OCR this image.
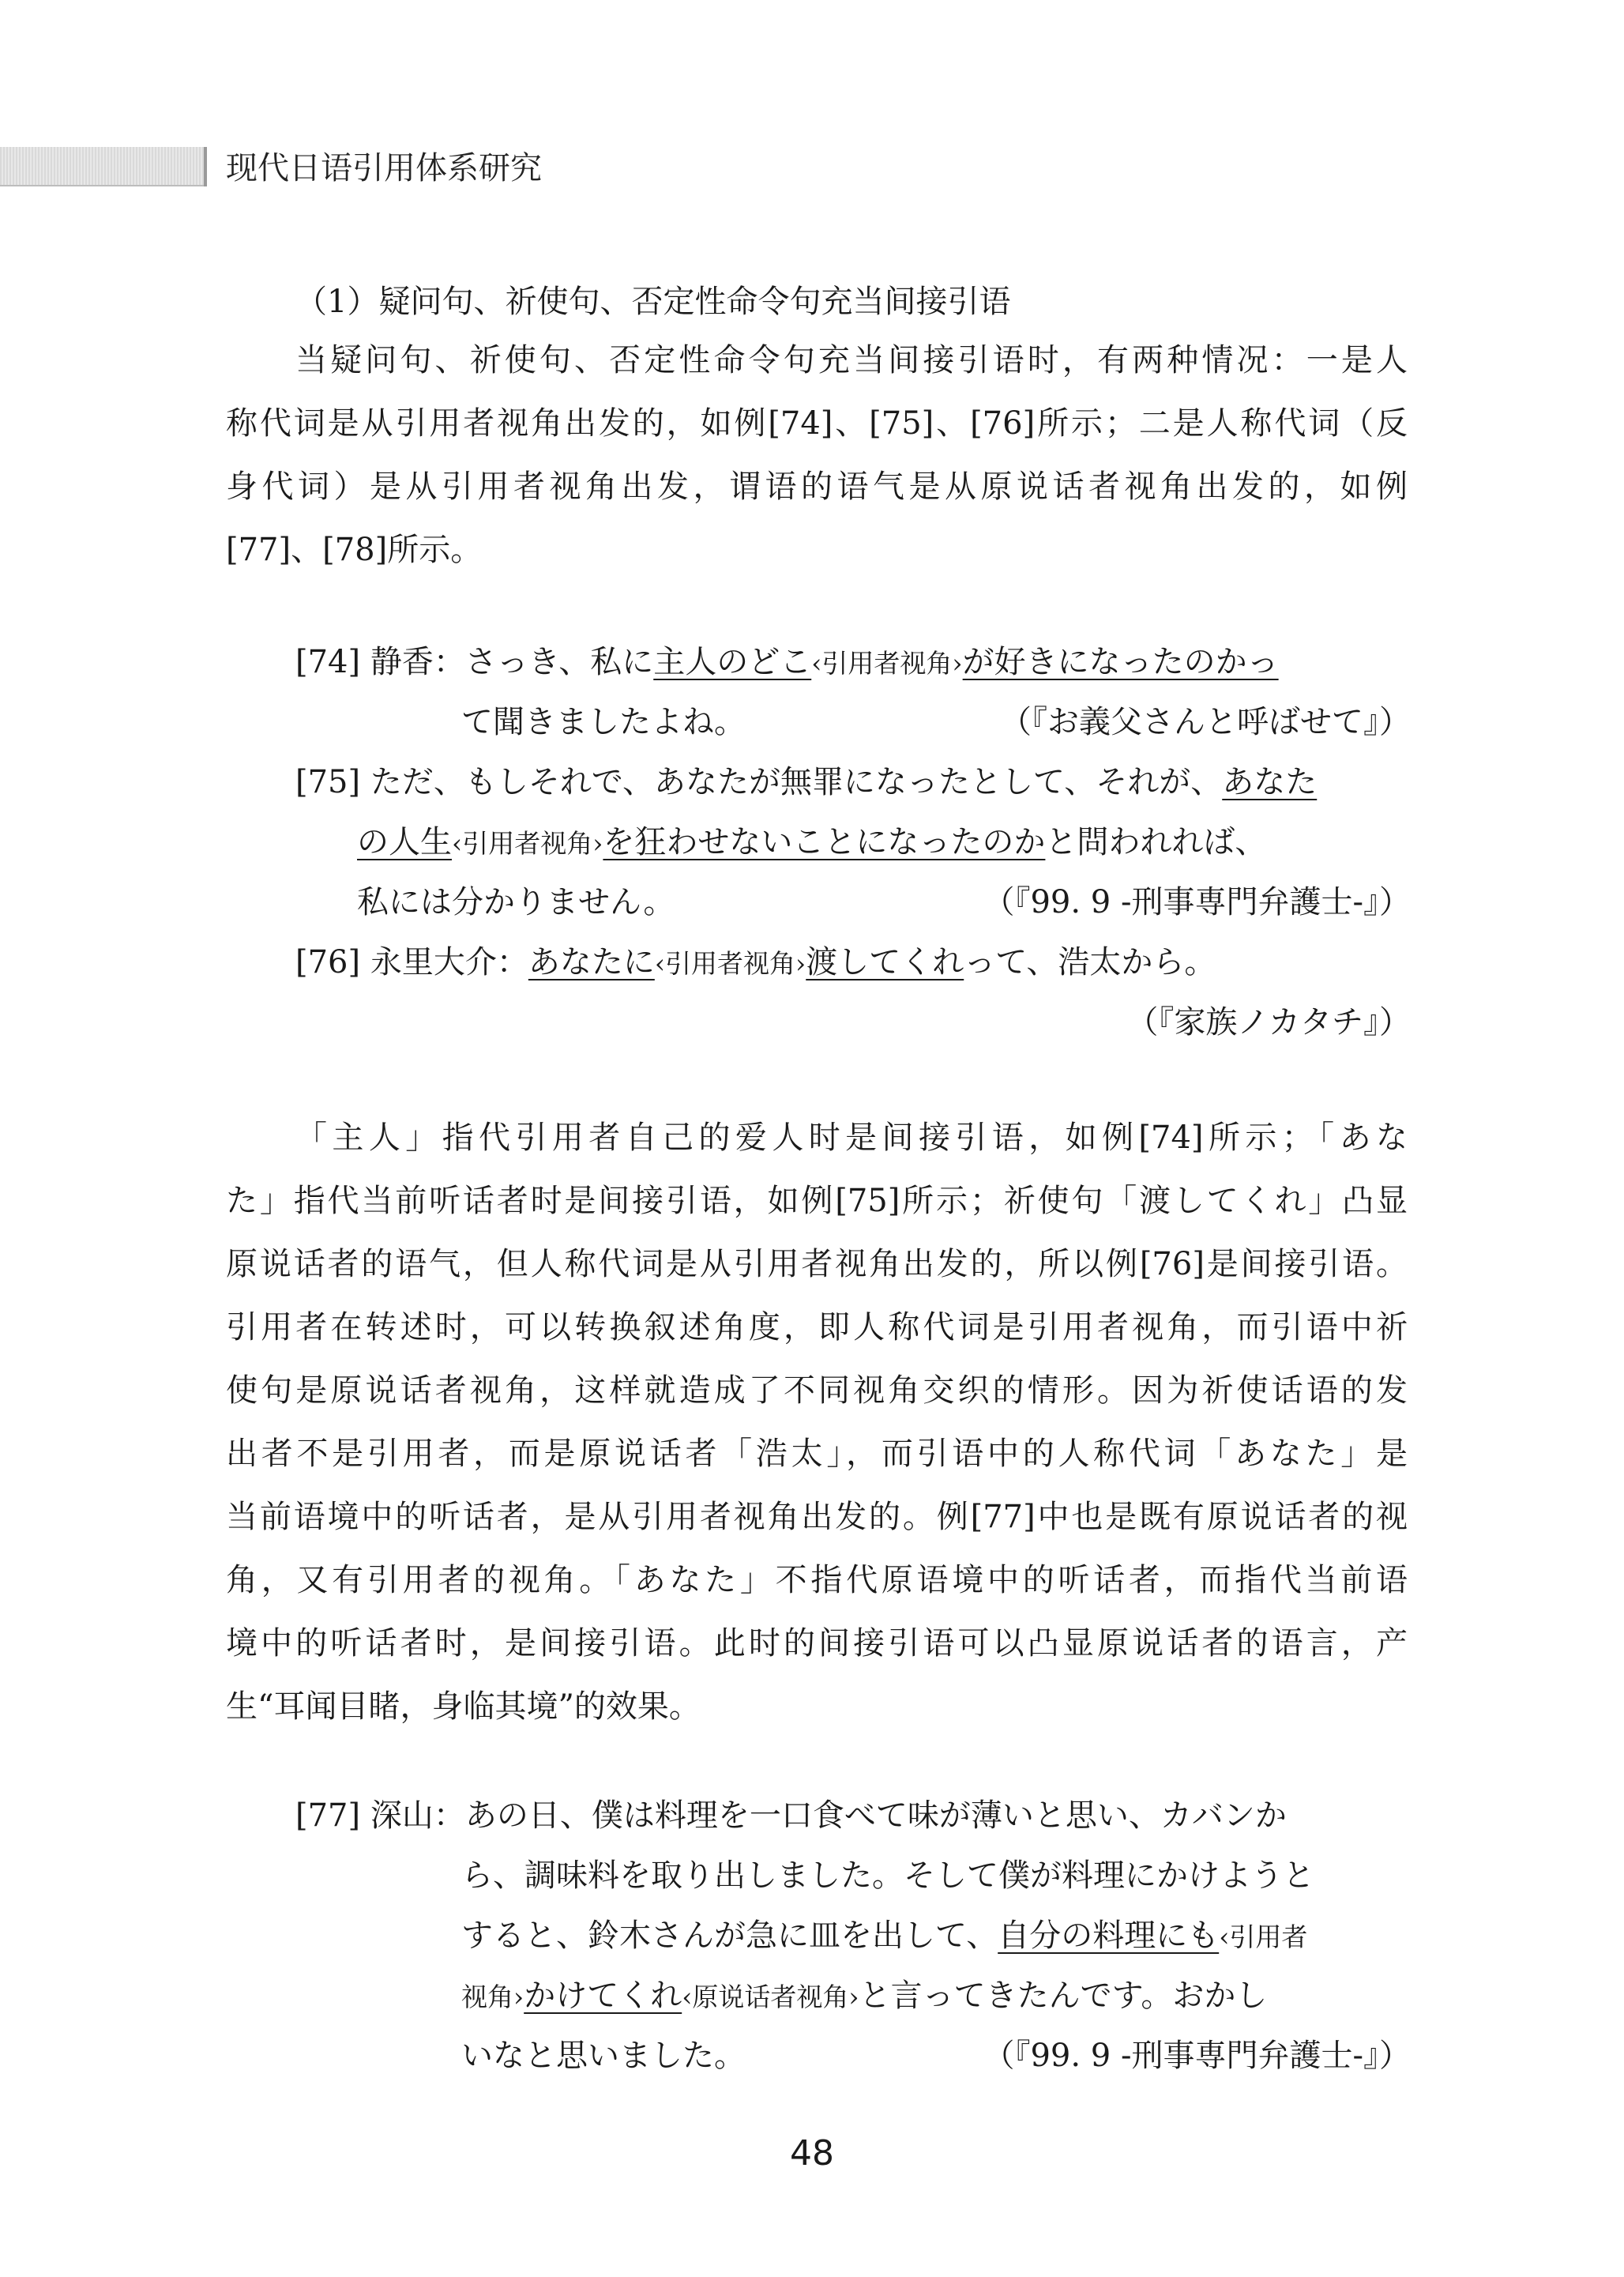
现代日语引用体系研究
（1）疑问句、祈使句、否定性命令句充当间接引语
当疑问句、祈使句、否定性命令句充当间接引语时，有两种情况：一是人
称代词是从引用者视角出发的，如例[74]、[75]、[76]所示；二是人称代词（反
身代词）是从引用者视角出发，谓语的语气是从原说话者视角出发的，如例
[77]、[78]所示。
[74] 静香：さっき、私に主人のどこ‹引用者视角›が好きになったのかっ
て聞きましたよね。	（『お義父さんと呼ばせて』）
[75] ただ、もしそれで、あなたが無罪になったとして、それが、あなた
の人生‹引用者视角›を狂わせないことになったのかと問われれば、
私には分かりません。	（『99. 9 -刑事専門弁護士-』）
[76] 永里大介：あなたに‹引用者视角›渡してくれって、浩太から。
（『家族ノカタチ』）
「主人」指代引用者自己的爱人时是间接引语，如例[74]所示；「あな
た」指代当前听话者时是间接引语，如例[75]所示；祈使句「渡してくれ」凸显
原说话者的语气，但人称代词是从引用者视角出发的，所以例[76]是间接引语。
引用者在转述时，可以转换叙述角度，即人称代词是引用者视角，而引语中祈
使句是原说话者视角，这样就造成了不同视角交织的情形。因为祈使话语的发
出者不是引用者，而是原说话者「浩太」，而引语中的人称代词「あなた」是
当前语境中的听话者，是从引用者视角出发的。例[77]中也是既有原说话者的视
角，又有引用者的视角。「あなた」不指代原语境中的听话者，而指代当前语
境中的听话者时，是间接引语。此时的间接引语可以凸显原说话者的语言，产
生“耳闻目睹，身临其境”的效果。
[77] 深山：あの日、僕は料理を一口食べて味が薄いと思い、カバンか
ら、調味料を取り出しました。そして僕が料理にかけようと
すると、鈴木さんが急に皿を出して、自分の料理にも‹引用者
视角›かけてくれ‹原说话者视角›と言ってきたんです。おかし
いなと思いました。	（『99. 9 -刑事専門弁護士-』）
48
